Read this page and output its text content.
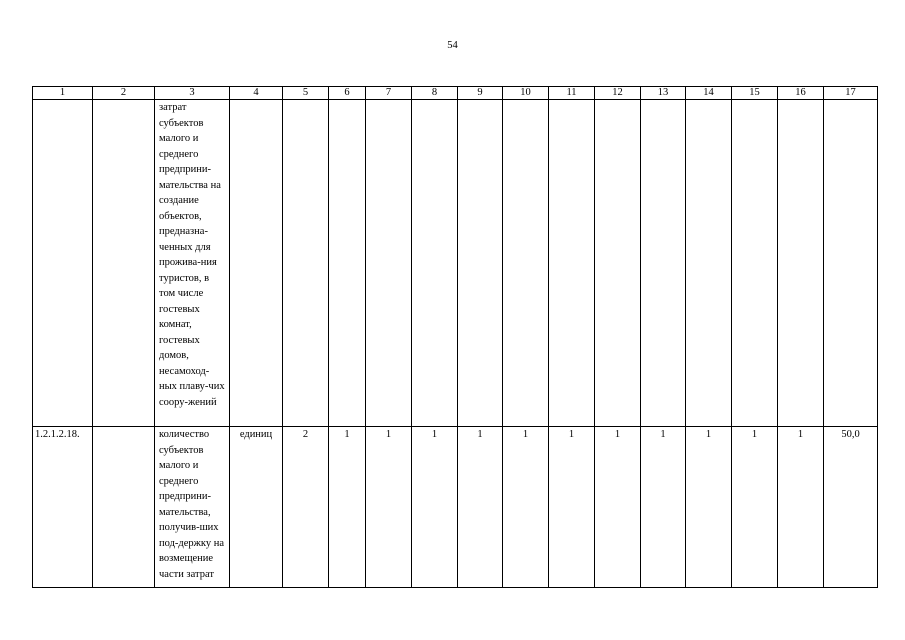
54
1	2	3	4	5	6	7	8	9	10	11	12	13	14	15	16	17
		затрат субъектов малого и среднего предприни-мательства на создание объектов, предназна-ченных для прожива-ния туристов, в том числе гостевых комнат, гостевых домов, несамоход-ных плаву-чих соору-жений														
1.2.1.2.18.		количество субъектов малого и среднего предприни-мательства, получив-ших под-держку на возмещение части затрат	единиц	2	1	1	1	1	1	1	1	1	1	1	1	50,0
